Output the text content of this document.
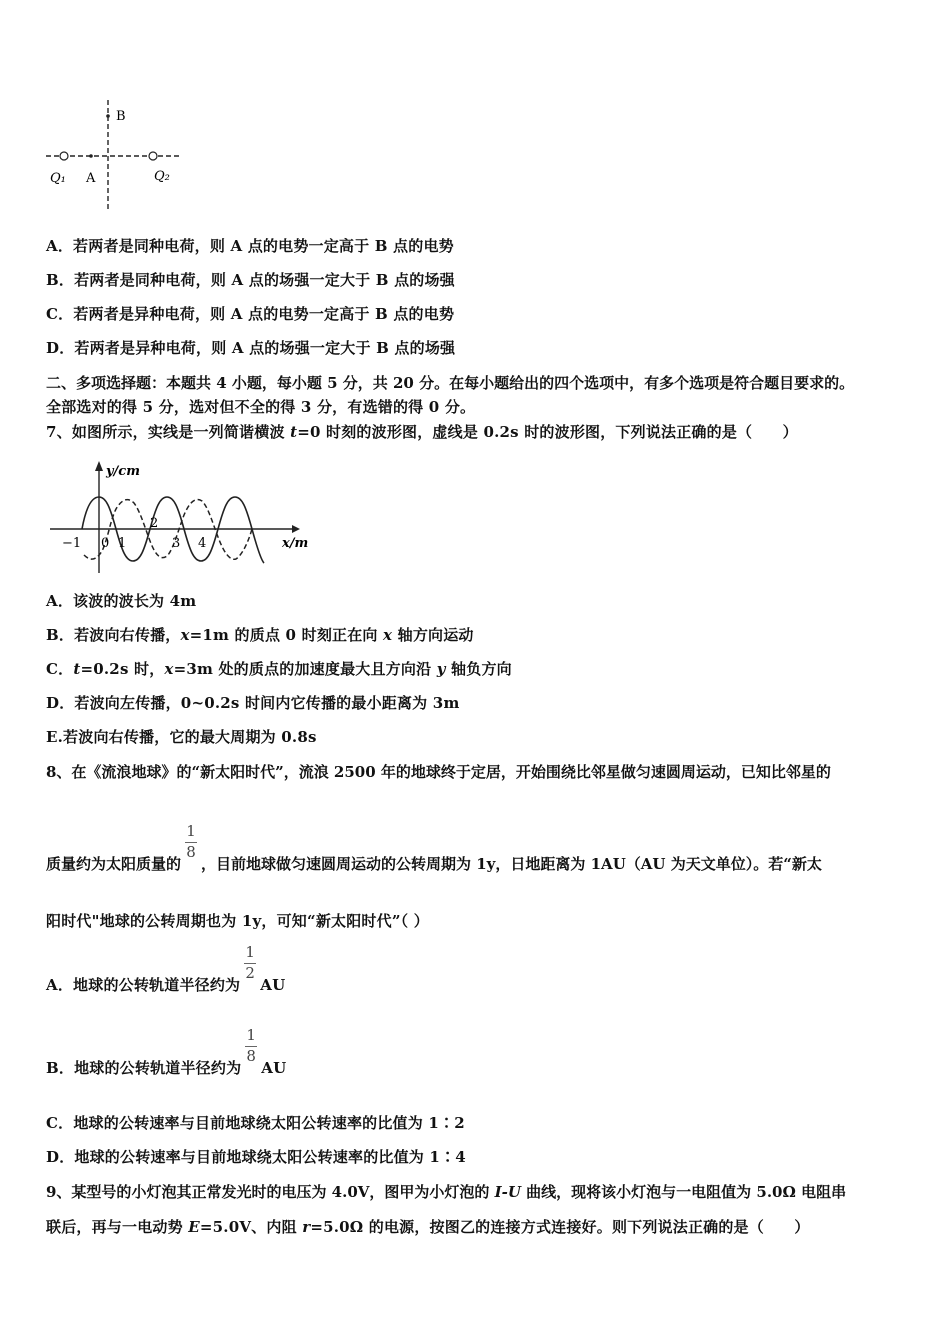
B
A
Q₁	Q₂
A．若两者是同种电荷，则 A 点的电势一定高于 B 点的电势
B．若两者是同种电荷，则 A 点的场强一定大于 B 点的场强
C．若两者是异种电荷，则 A 点的电势一定高于 B 点的电势
D．若两者是异种电荷，则 A 点的场强一定大于 B 点的场强
二、多项选择题：本题共 4 小题，每小题 5 分，共 20 分。在每小题给出的四个选项中，有多个选项是符合题目要求的。
全部选对的得 5 分，选对但不全的得 3 分，有选错的得 0 分。
7、如图所示，实线是一列简谐横波 t=0 时刻的波形图，虚线是 0.2s 时的波形图，下列说法正确的是（　　）
y/cm
x/m
−1 0 1
2
3 4
A．该波的波长为 4m
B．若波向右传播，x=1m 的质点 0 时刻正在向 x 轴方向运动
C．t=0.2s 时，x=3m 处的质点的加速度最大且方向沿 y 轴负方向
D．若波向左传播，0~0.2s 时间内它传播的最小距离为 3m
E.若波向右传播，它的最大周期为 0.8s
8、在《流浪地球》的“新太阳时代”，流浪 2500 年的地球终于定居，开始围绕比邻星做匀速圆周运动，已知比邻星的
质量约为太阳质量的 $\frac{1}{8}$ ，目前地球做匀速圆周运动的公转周期为 1y，日地距离为 1AU（AU 为天文单位）。若“新太
阳时代"地球的公转周期也为 1y，可知“新太阳时代”（ ）
A．地球的公转轨道半径约为 $\frac{1}{2}$ AU
B．地球的公转轨道半径约为 $\frac{1}{8}$ AU
C．地球的公转速率与目前地球绕太阳公转速率的比值为 1∶2
D．地球的公转速率与目前地球绕太阳公转速率的比值为 1∶4
9、某型号的小灯泡其正常发光时的电压为 4.0V，图甲为小灯泡的 I-U 曲线，现将该小灯泡与一电阻值为 5.0Ω 电阻串
联后，再与一电动势 E=5.0V、内阻 r=5.0Ω 的电源，按图乙的连接方式连接好。则下列说法正确的是（　　）
